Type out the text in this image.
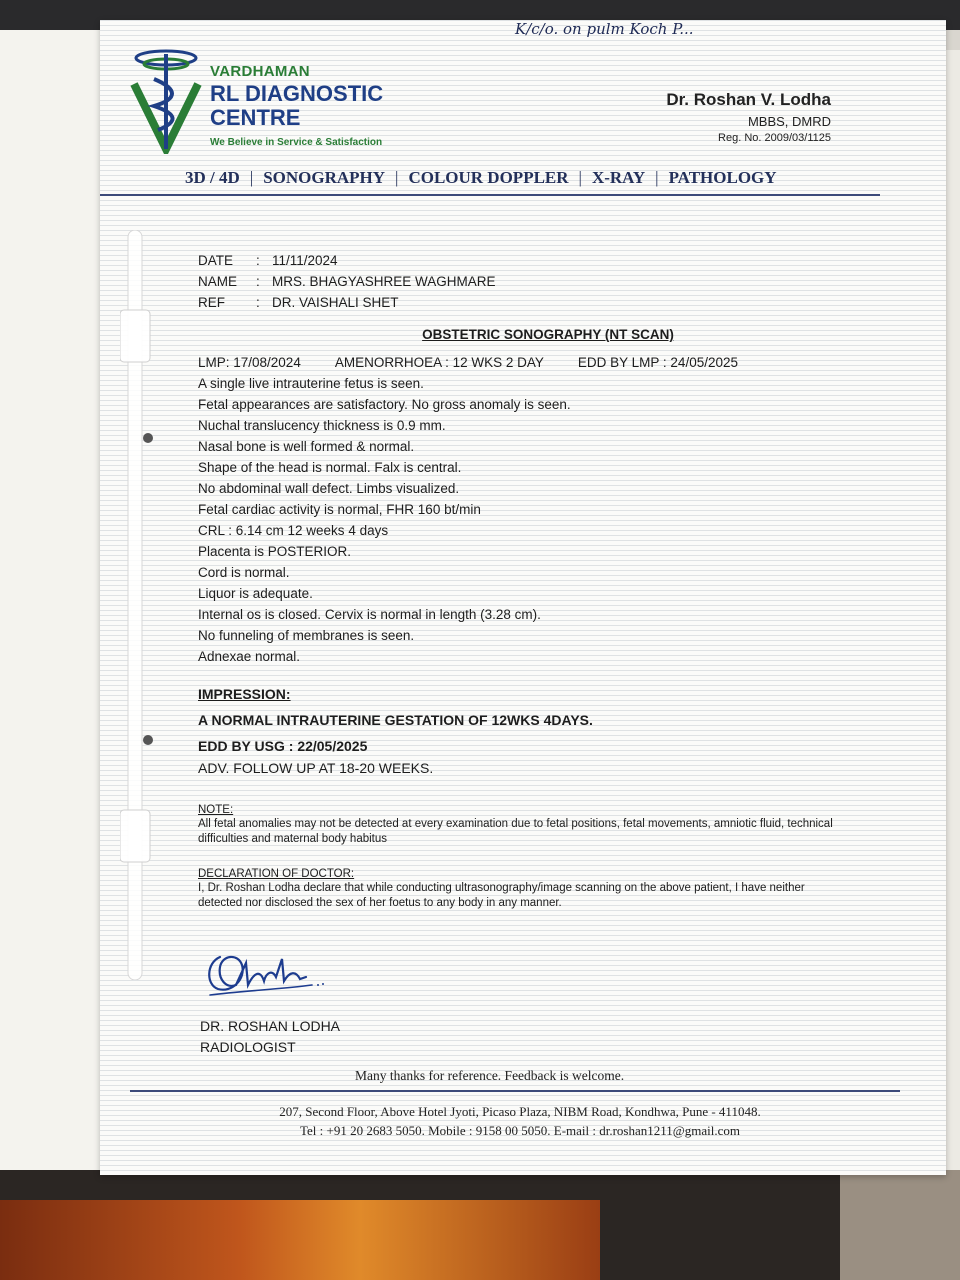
K/c/o. on pulm Koch P...
VARDHAMAN
RL DIAGNOSTIC
CENTRE
We Believe in Service & Satisfaction
Dr. Roshan V. Lodha
MBBS, DMRD
Reg. No. 2009/03/1125
3D / 4D | SONOGRAPHY | COLOUR DOPPLER | X-RAY | PATHOLOGY
DATE	: 11/11/2024
NAME	: MRS. BHAGYASHREE WAGHMARE
REF	: DR. VAISHALI SHET
OBSTETRIC SONOGRAPHY (NT SCAN)
LMP: 17/08/2024	AMENORRHOEA : 12 WKS 2 DAY	EDD BY LMP : 24/05/2025
A single live intrauterine fetus is seen.
Fetal appearances are satisfactory. No gross anomaly is seen.
Nuchal translucency thickness is 0.9 mm.
Nasal bone is well formed & normal.
Shape of the head is normal. Falx is central.
No abdominal wall defect. Limbs visualized.
Fetal cardiac activity is normal, FHR 160 bt/min
CRL : 6.14 cm 12 weeks 4 days
Placenta is POSTERIOR.
Cord is normal.
Liquor is adequate.
Internal os is closed. Cervix is normal in length (3.28 cm).
No funneling of membranes is seen.
Adnexae normal.
IMPRESSION:
A NORMAL INTRAUTERINE GESTATION OF 12WKS 4DAYS.
EDD BY USG : 22/05/2025
ADV. FOLLOW UP AT 18-20 WEEKS.
NOTE:
All fetal anomalies may not be detected at every examination due to fetal positions, fetal movements, amniotic fluid, technical difficulties and maternal body habitus
DECLARATION OF DOCTOR:
I, Dr. Roshan Lodha declare that while conducting ultrasonography/image scanning on the above patient, I have neither detected nor disclosed the sex of her foetus to any body in any manner.
DR. ROSHAN LODHA
RADIOLOGIST
Many thanks for reference. Feedback is welcome.
207, Second Floor, Above Hotel Jyoti, Picaso Plaza, NIBM Road, Kondhwa, Pune - 411048.
Tel : +91 20 2683 5050. Mobile : 9158 00 5050. E-mail : dr.roshan1211@gmail.com
